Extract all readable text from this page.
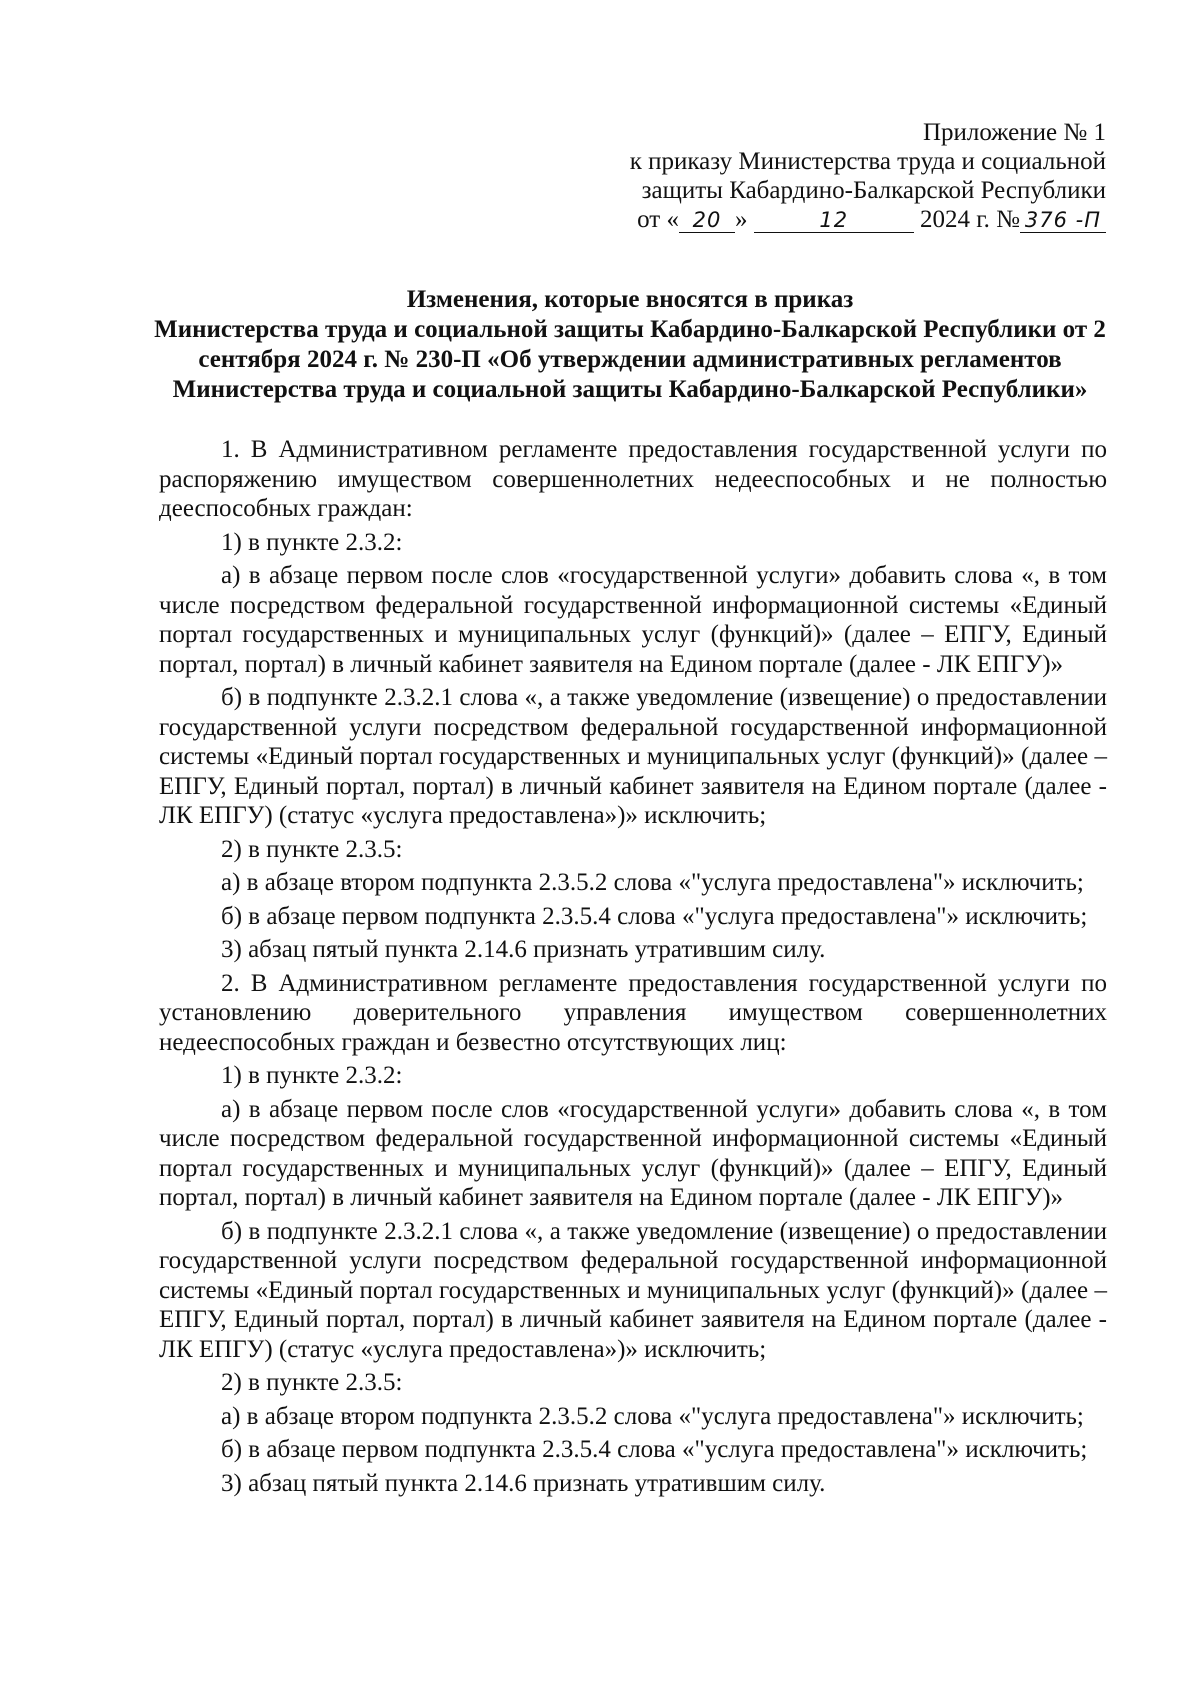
Приложение № 1
к приказу Министерства труда и социальной
защиты Кабардино-Балкарской Республики
от « 20 »	12	2024 г. № 376 -П
Изменения, которые вносятся в приказ
Министерства труда и социальной защиты Кабардино-Балкарской Республики от 2
сентября 2024 г. № 230-П «Об утверждении административных регламентов
Министерства труда и социальной защиты Кабардино-Балкарской Республики»

1. В Административном регламенте предоставления государственной услуги по распоряжению имуществом совершеннолетних недееспособных и не полностью дееспособных граждан:

1) в пункте 2.3.2:

а) в абзаце первом после слов «государственной услуги» добавить слова «, в том числе посредством федеральной государственной информационной системы «Единый портал государственных и муниципальных услуг (функций)» (далее – ЕПГУ, Единый портал, портал) в личный кабинет заявителя на Едином портале (далее - ЛК ЕПГУ)»

б) в подпункте 2.3.2.1 слова «, а также уведомление (извещение) о предоставлении государственной услуги посредством федеральной государственной информационной системы «Единый портал государственных и муниципальных услуг (функций)» (далее – ЕПГУ, Единый портал, портал) в личный кабинет заявителя на Едином портале (далее - ЛК ЕПГУ) (статус «услуга предоставлена»)» исключить;

2) в пункте 2.3.5:

а) в абзаце втором подпункта 2.3.5.2 слова «"услуга предоставлена"» исключить;

б) в абзаце первом подпункта 2.3.5.4 слова «"услуга предоставлена"» исключить;

3) абзац пятый пункта 2.14.6 признать утратившим силу.

2. В Административном регламенте предоставления государственной услуги по установлению доверительного управления имуществом совершеннолетних недееспособных граждан и безвестно отсутствующих лиц:

1) в пункте 2.3.2:

а) в абзаце первом после слов «государственной услуги» добавить слова «, в том числе посредством федеральной государственной информационной системы «Единый портал государственных и муниципальных услуг (функций)» (далее – ЕПГУ, Единый портал, портал) в личный кабинет заявителя на Едином портале (далее - ЛК ЕПГУ)»

б) в подпункте 2.3.2.1 слова «, а также уведомление (извещение) о предоставлении государственной услуги посредством федеральной государственной информационной системы «Единый портал государственных и муниципальных услуг (функций)» (далее – ЕПГУ, Единый портал, портал) в личный кабинет заявителя на Едином портале (далее - ЛК ЕПГУ) (статус «услуга предоставлена»)» исключить;

2) в пункте 2.3.5:

а) в абзаце втором подпункта 2.3.5.2 слова «"услуга предоставлена"» исключить;

б) в абзаце первом подпункта 2.3.5.4 слова «"услуга предоставлена"» исключить;

3) абзац пятый пункта 2.14.6 признать утратившим силу.
